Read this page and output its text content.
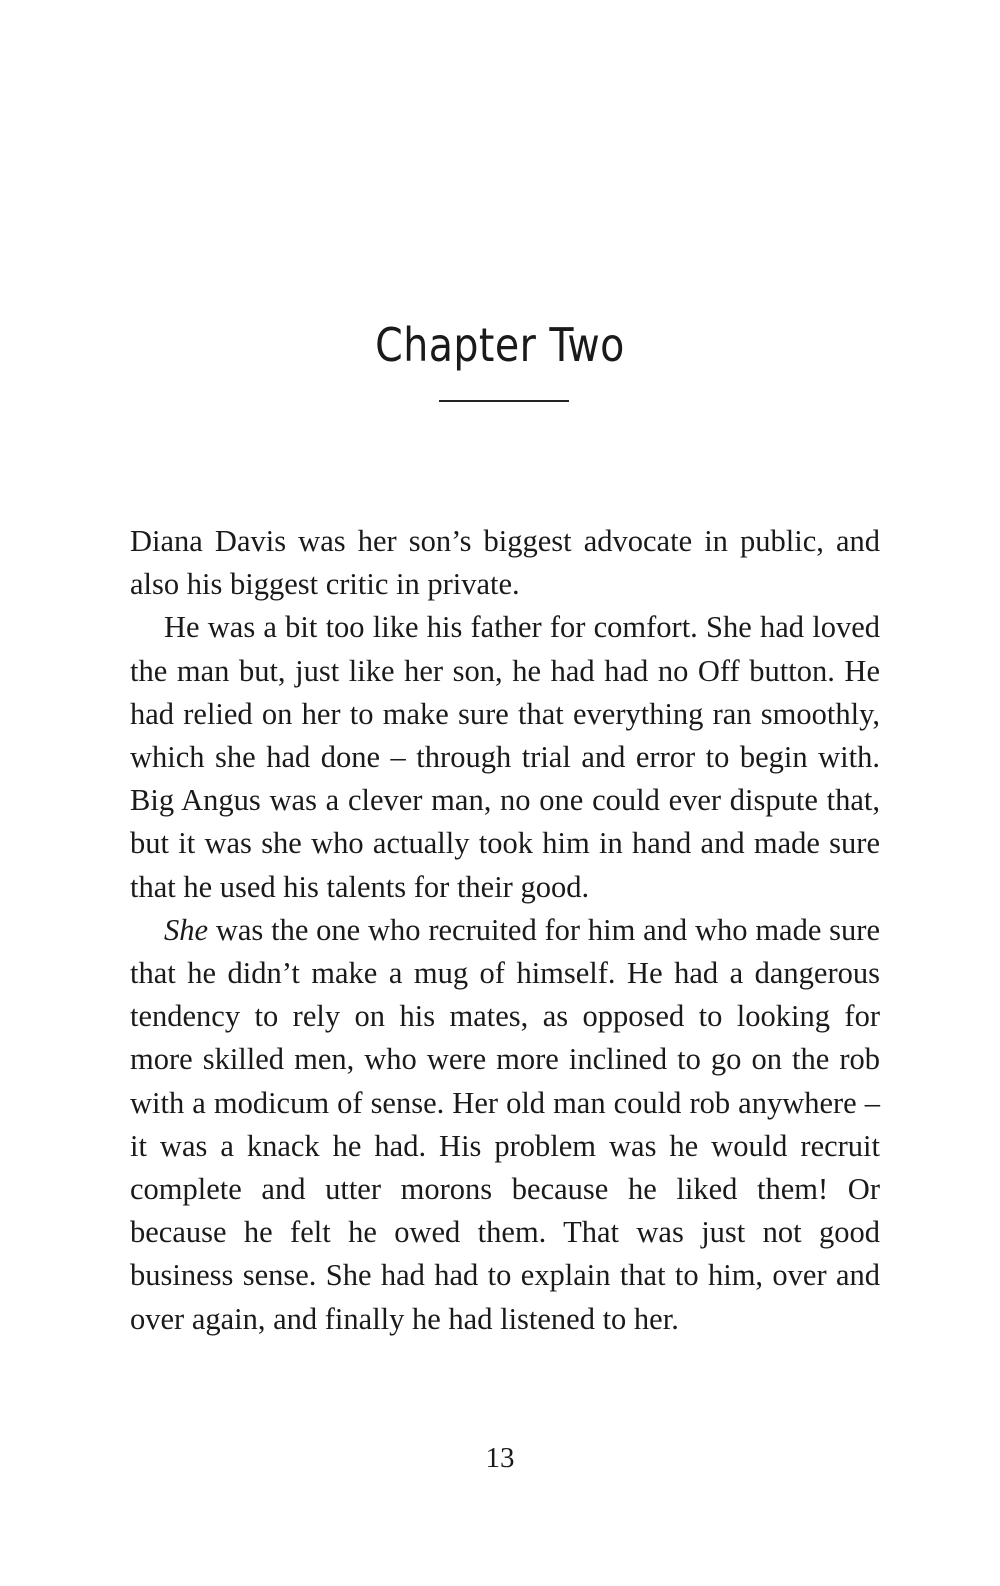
Chapter Two

Diana Davis was her son’s biggest advocate in public, and also his biggest critic in private.

He was a bit too like his father for comfort. She had loved the man but, just like her son, he had had no Off button. He had relied on her to make sure that everything ran smoothly, which she had done – through trial and error to begin with. Big Angus was a clever man, no one could ever dispute that, but it was she who actually took him in hand and made sure that he used his talents for their good.

She was the one who recruited for him and who made sure that he didn’t make a mug of himself. He had a dangerous tendency to rely on his mates, as opposed to looking for more skilled men, who were more inclined to go on the rob with a modicum of sense. Her old man could rob anywhere – it was a knack he had. His problem was he would recruit complete and utter morons because he liked them! Or because he felt he owed them. That was just not good business sense. She had had to explain that to him, over and over again, and finally he had listened to her.

13
